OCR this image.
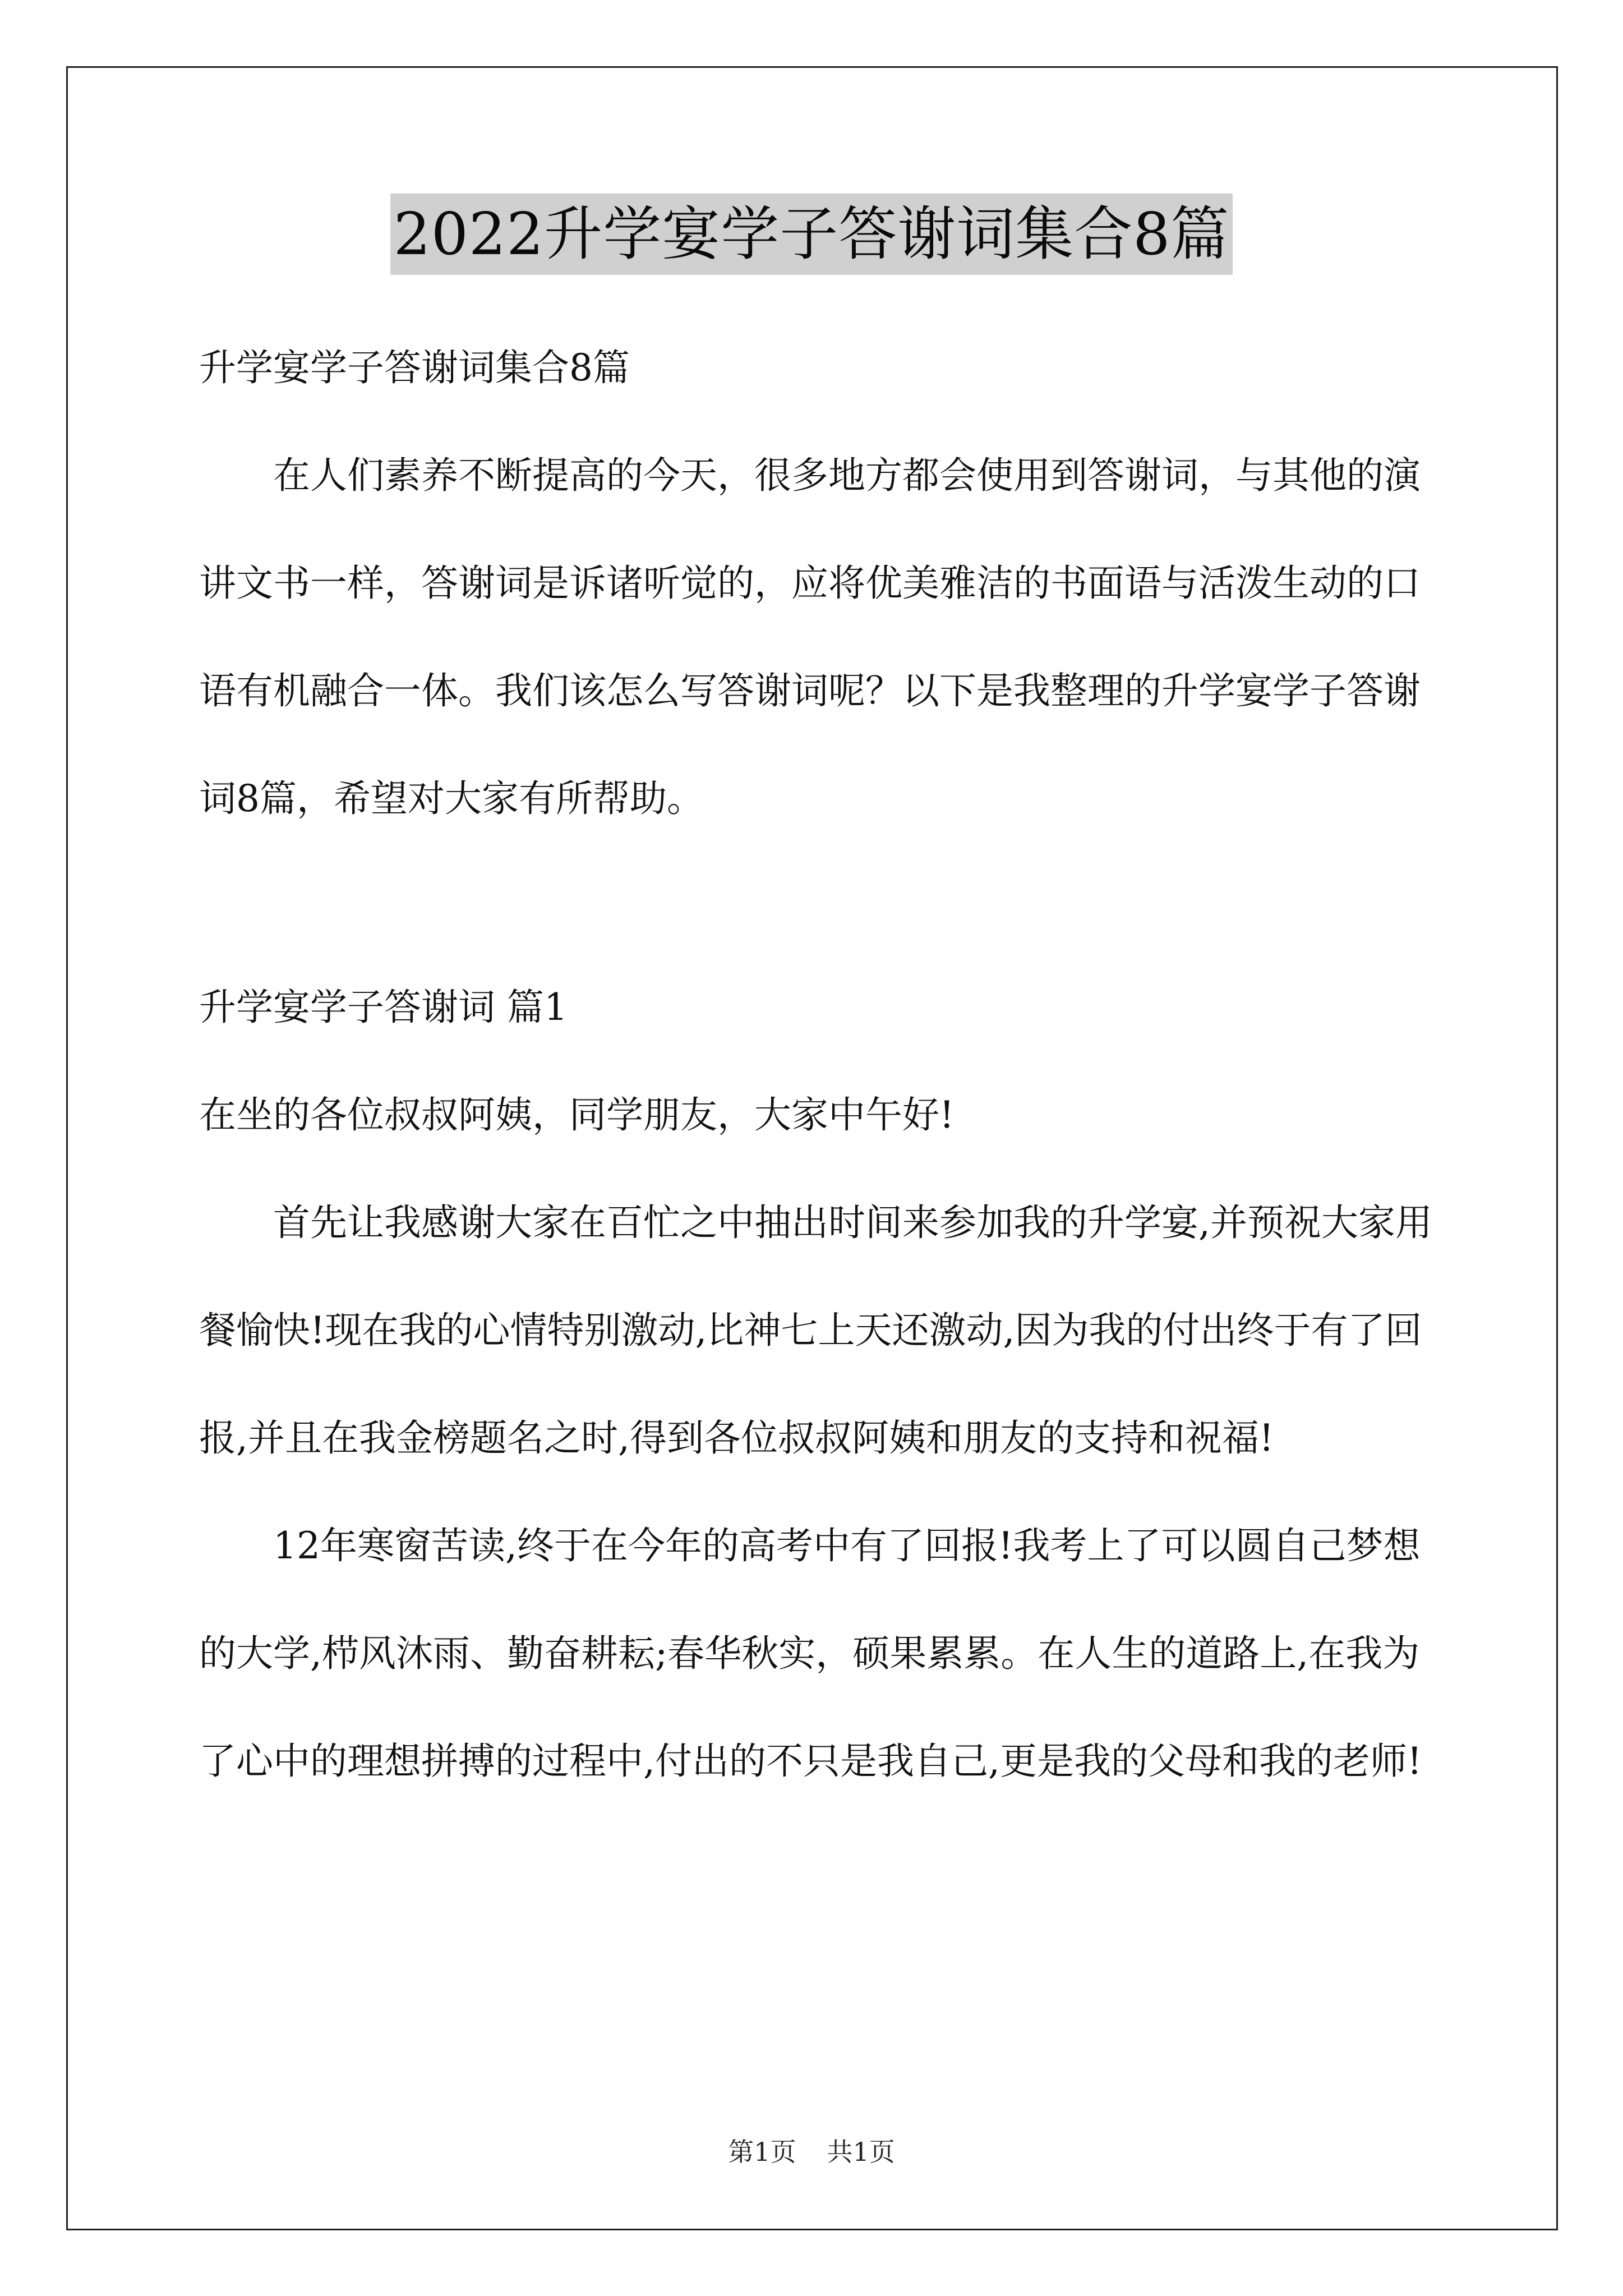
2022升学宴学子答谢词集合8篇

升学宴学子答谢词集合8篇

在人们素养不断提高的今天，很多地方都会使用到答谢词，与其他的演讲文书一样，答谢词是诉诸听觉的，应将优美雅洁的书面语与活泼生动的口语有机融合一体。我们该怎么写答谢词呢？以下是我整理的升学宴学子答谢词8篇，希望对大家有所帮助。

升学宴学子答谢词 篇1

在坐的各位叔叔阿姨，同学朋友，大家中午好!

首先让我感谢大家在百忙之中抽出时间来参加我的升学宴,并预祝大家用餐愉快!现在我的心情特别激动,比神七上天还激动,因为我的付出终于有了回报,并且在我金榜题名之时,得到各位叔叔阿姨和朋友的支持和祝福!

12年寒窗苦读,终于在今年的高考中有了回报!我考上了可以圆自己梦想的大学,栉风沐雨、勤奋耕耘;春华秋实，硕果累累。在人生的道路上,在我为了心中的理想拼搏的过程中,付出的不只是我自己,更是我的父母和我的老师!

第1页 共1页
